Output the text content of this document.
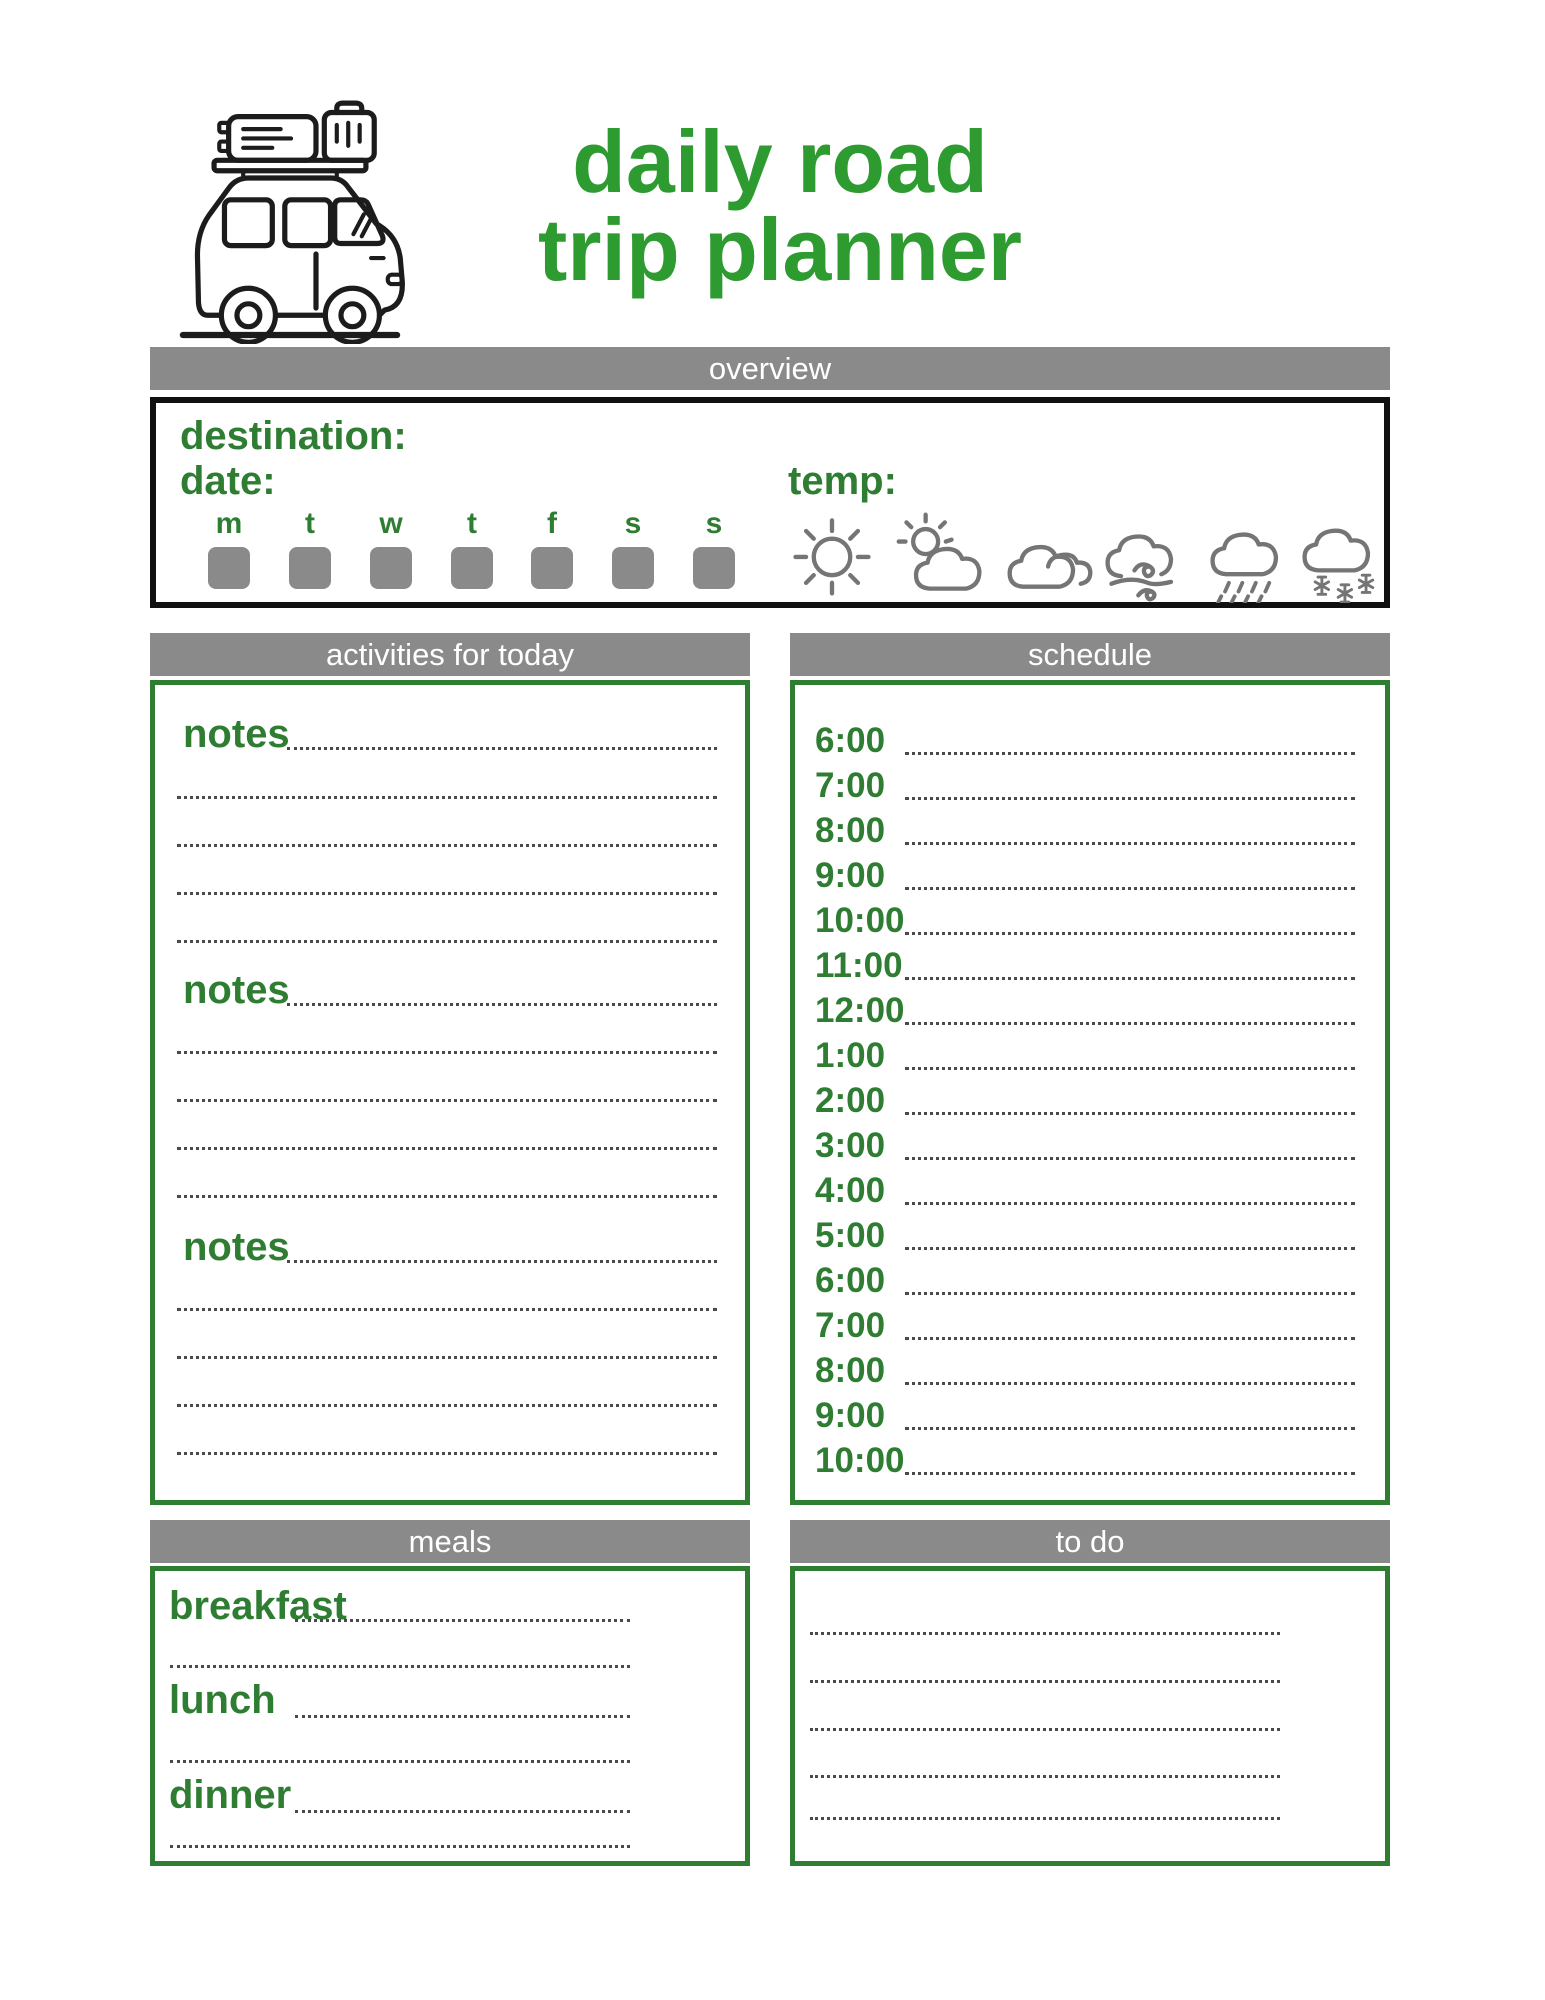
daily road
trip planner
overview
destination:
date:	temp:
m	t	w	t	f	s	s
activities for today	schedule
notes
notes
notes
6:00
7:00
8:00
9:00
10:00
11:00
12:00
1:00
2:00
3:00
4:00
5:00
6:00
7:00
8:00
9:00
10:00
meals	to do
breakfast
lunch
dinner
